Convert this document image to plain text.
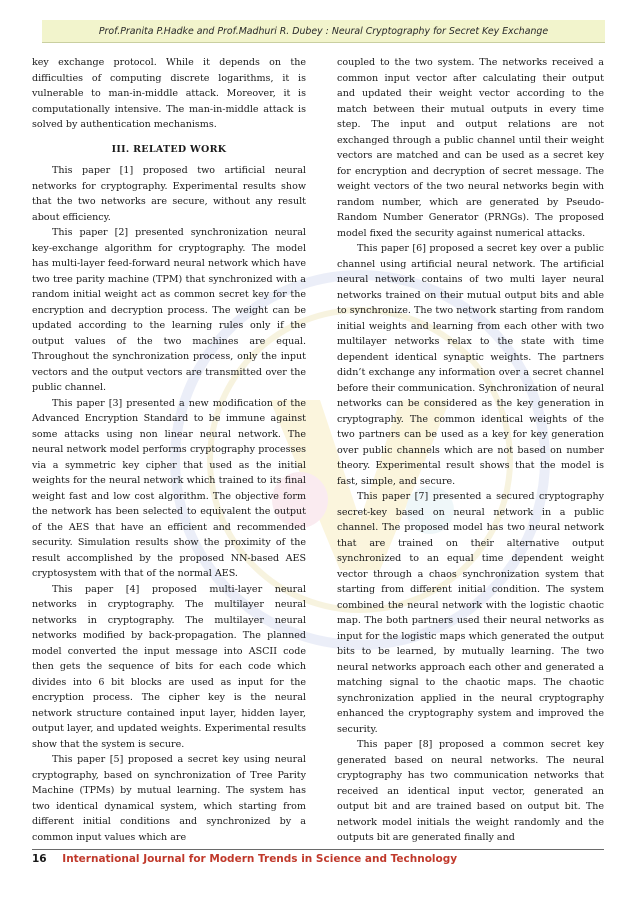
Prof.Pranita P.Hadke and Prof.Madhuri R. Dubey : Neural Cryptography for Secret Key Exchange

key exchange protocol. While it depends on the difficulties of computing discrete logarithms, it is vulnerable to man-in-middle attack. Moreover, it is computationally intensive. The man-in-middle attack is solved by authentication mechanisms.

III. RELATED WORK

This paper [1] proposed two artificial neural networks for cryptography. Experimental results show that the two networks are secure, without any result about efficiency.

This paper [2] presented synchronization neural key-exchange algorithm for cryptography. The model has multi-layer feed-forward neural network which have two tree parity machine (TPM) that synchronized with a random initial weight act as common secret key for the encryption and decryption process. The weight can be updated according to the learning rules only if the output values of the two machines are equal. Throughout the synchronization process, only the input vectors and the output vectors are transmitted over the public channel.

This paper [3] presented a new modification of the Advanced Encryption Standard to be immune against some attacks using non linear neural network. The neural network model performs cryptography processes via a symmetric key cipher that used as the initial weights for the neural network which trained to its final weight fast and low cost algorithm. The objective form the network has been selected to equivalent the output of the AES that have an efficient and recommended security. Simulation results show the proximity of the result accomplished by the proposed NN-based AES cryptosystem with that of the normal AES.

This paper [4] proposed multi-layer neural networks in cryptography. The multilayer neural networks in cryptography. The multilayer neural networks modified by back-propagation. The planned model converted the input message into ASCII code then gets the sequence of bits for each code which divides into 6 bit blocks are used as input for the encryption process. The cipher key is the neural network structure contained input layer, hidden layer, output layer, and updated weights. Experimental results show that the system is secure.

This paper [5] proposed a secret key using neural cryptography, based on synchronization of Tree Parity Machine (TPMs) by mutual learning. The system has two identical dynamical system, which starting from different initial conditions and synchronized by a common input values which are

coupled to the two system. The networks received a common input vector after calculating their output and updated their weight vector according to the match between their mutual outputs in every time step. The input and output relations are not exchanged through a public channel until their weight vectors are matched and can be used as a secret key for encryption and decryption of secret message. The weight vectors of the two neural networks begin with random number, which are generated by Pseudo-Random Number Generator (PRNGs). The proposed model fixed the security against numerical attacks.

This paper [6] proposed a secret key over a public channel using artificial neural network. The artificial neural network contains of two multi layer neural networks trained on their mutual output bits and able to synchronize. The two network starting from random initial weights and learning from each other with two multilayer networks relax to the state with time dependent identical synaptic weights. The partners didn’t exchange any information over a secret channel before their communication. Synchronization of neural networks can be considered as the key generation in cryptography. The common identical weights of the two partners can be used as a key for key generation over public channels which are not based on number theory. Experimental result shows that the model is fast, simple, and secure.

This paper [7] presented a secured cryptography secret-key based on neural network in a public channel. The proposed model has two neural network that are trained on their alternative output synchronized to an equal time dependent weight vector through a chaos synchronization system that starting from different initial condition. The system combined the neural network with the logistic chaotic map. The both partners used their neural networks as input for the logistic maps which generated the output bits to be learned, by mutually learning. The two neural networks approach each other and generated a matching signal to the chaotic maps. The chaotic synchronization applied in the neural cryptography enhanced the cryptography system and improved the security.

This paper [8] proposed a common secret key generated based on neural networks. The neural cryptography has two communication networks that received an identical input vector, generated an output bit and are trained based on output bit. The network model initials the weight randomly and the outputs bit are generated finally and

16 International Journal for Modern Trends in Science and Technology
